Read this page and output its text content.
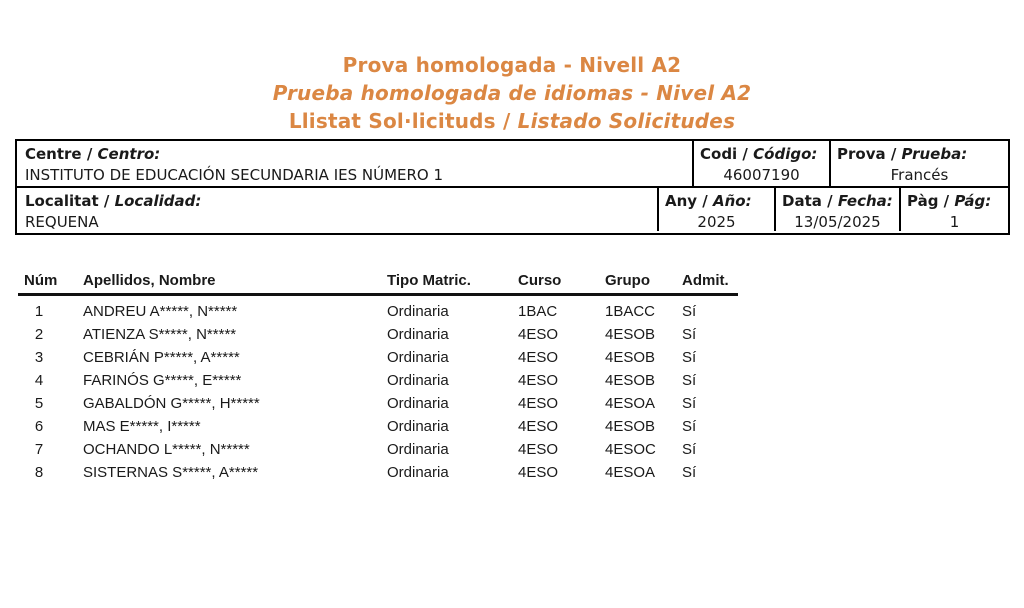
Prova homologada - Nivell A2
Prueba homologada de idiomas - Nivel A2
Llistat Sol·licituds / Listado Solicitudes
Centre / Centro:
INSTITUTO DE EDUCACIÓN SECUNDARIA IES NÚMERO 1
Codi / Código:
46007190
Prova / Prueba:
Francés
Localitat / Localidad:
REQUENA
Any / Año:
2025
Data / Fecha:
13/05/2025
Pàg / Pág:
1
Núm	Apellidos, Nombre	Tipo Matric.	Curso	Grupo	Admit.
1	ANDREU A*****, N*****	Ordinaria	1BAC	1BACC	Sí
2	ATIENZA S*****, N*****	Ordinaria	4ESO	4ESOB	Sí
3	CEBRIÁN P*****, A*****	Ordinaria	4ESO	4ESOB	Sí
4	FARINÓS G*****, E*****	Ordinaria	4ESO	4ESOB	Sí
5	GABALDÓN G*****, H*****	Ordinaria	4ESO	4ESOA	Sí
6	MAS E*****, I*****	Ordinaria	4ESO	4ESOB	Sí
7	OCHANDO L*****, N*****	Ordinaria	4ESO	4ESOC	Sí
8	SISTERNAS S*****, A*****	Ordinaria	4ESO	4ESOA	Sí
